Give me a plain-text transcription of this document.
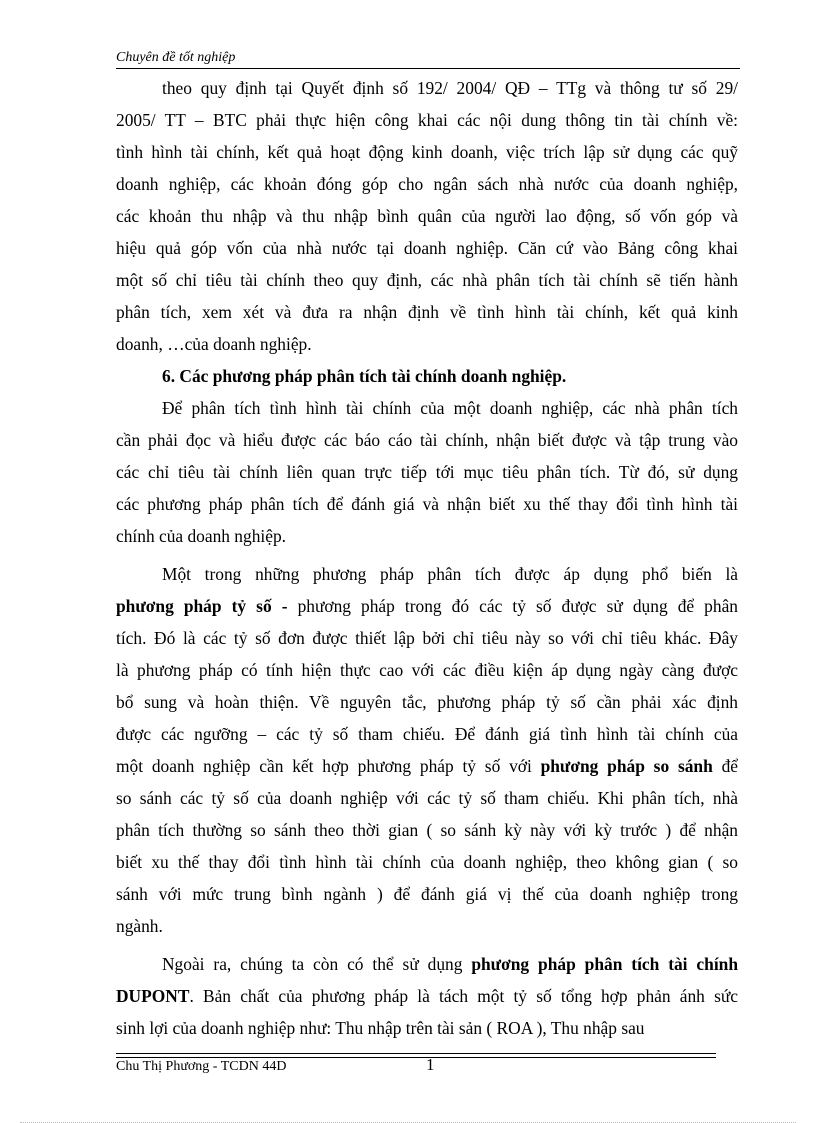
Chuyên đề tốt nghiệp
theo quy định tại Quyết định số 192/ 2004/ QĐ – TTg và thông tư số 29/
2005/ TT – BTC phải thực hiện công khai các nội dung thông tin tài chính về:
tình hình tài chính, kết quả hoạt động kinh doanh, việc trích lập sử dụng các quỹ
doanh nghiệp, các khoản đóng góp cho ngân sách nhà nước của doanh nghiệp,
các khoản thu nhập và thu nhập bình quân của người lao động, số vốn góp và
hiệu quả góp vốn của nhà nước tại doanh nghiệp. Căn cứ vào Bảng công khai
một số chỉ tiêu tài chính theo quy định, các nhà phân tích tài chính sẽ tiến hành
phân tích, xem xét và đưa ra nhận định về tình hình tài chính, kết quả kinh
doanh, …của doanh nghiệp.
6. Các phương pháp phân tích tài chính doanh nghiệp.
Để phân tích tình hình tài chính của một doanh nghiệp, các nhà phân tích
cần phải đọc và hiểu được các báo cáo tài chính, nhận biết được và tập trung vào
các chỉ tiêu tài chính liên quan trực tiếp tới mục tiêu phân tích. Từ đó, sử dụng
các phương pháp phân tích để đánh giá và nhận biết xu thế thay đổi tình hình tài
chính của doanh nghiệp.
Một trong những phương pháp phân tích được áp dụng phổ biến là
phương pháp tỷ số - phương pháp trong đó các tỷ số được sử dụng để phân
tích. Đó là các tỷ số đơn được thiết lập bởi chỉ tiêu này so với chỉ tiêu khác. Đây
là phương pháp có tính hiện thực cao với các điều kiện áp dụng ngày càng được
bổ sung và hoàn thiện. Về nguyên tắc, phương pháp tỷ số cần phải xác định
được các ngưỡng – các tỷ số tham chiếu. Để đánh giá tình hình tài chính của
một doanh nghiệp cần kết hợp phương pháp tỷ số với phương pháp so sánh để
so sánh các tỷ số của doanh nghiệp với các tỷ số tham chiếu. Khi phân tích, nhà
phân tích thường so sánh theo thời gian ( so sánh kỳ này với kỳ trước ) để nhận
biết xu thế thay đổi tình hình tài chính của doanh nghiệp, theo không gian ( so
sánh với mức trung bình ngành ) để đánh giá vị thế của doanh nghiệp trong
ngành.
Ngoài ra, chúng ta còn có thể sử dụng phương pháp phân tích tài chính
DUPONT. Bản chất của phương pháp là tách một tỷ số tổng hợp phản ánh sức
sinh lợi của doanh nghiệp như: Thu nhập trên tài sản ( ROA ), Thu nhập sau
Chu Thị Phương - TCDN 44D	1
